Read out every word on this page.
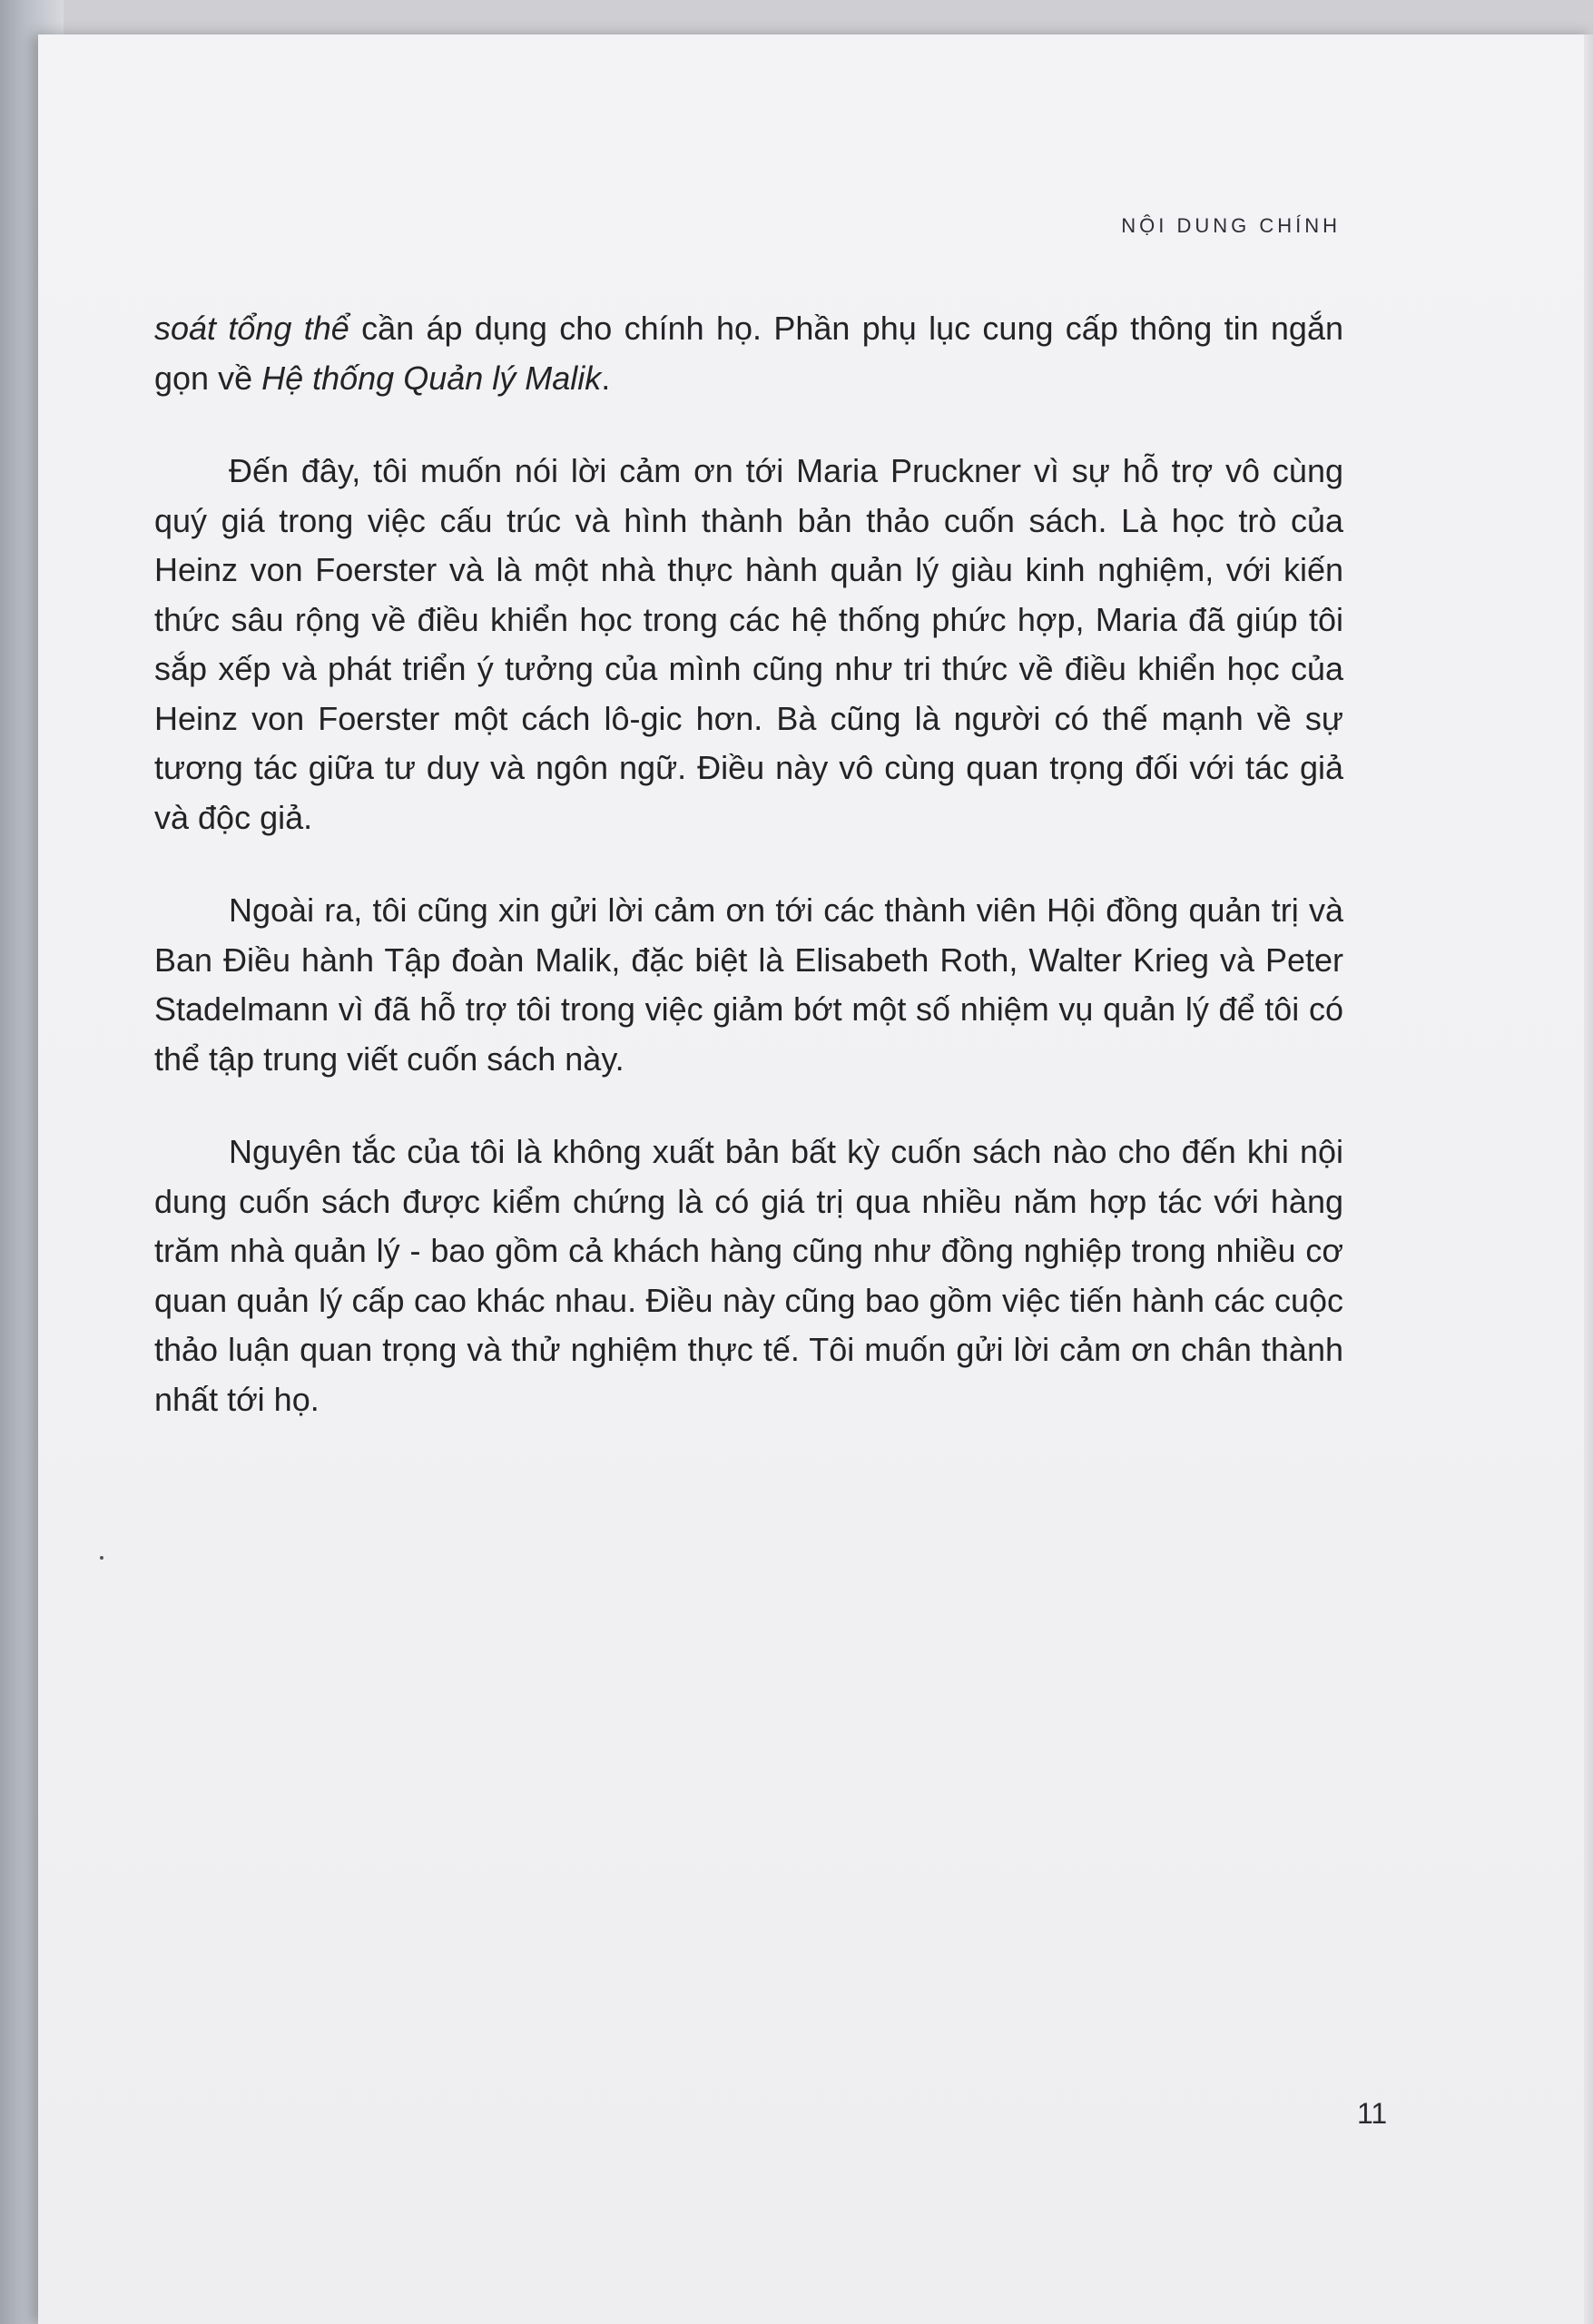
NỘI DUNG CHÍNH

soát tổng thể cần áp dụng cho chính họ. Phần phụ lục cung cấp thông tin ngắn gọn về Hệ thống Quản lý Malik.

Đến đây, tôi muốn nói lời cảm ơn tới Maria Pruckner vì sự hỗ trợ vô cùng quý giá trong việc cấu trúc và hình thành bản thảo cuốn sách. Là học trò của Heinz von Foerster và là một nhà thực hành quản lý giàu kinh nghiệm, với kiến thức sâu rộng về điều khiển học trong các hệ thống phức hợp, Maria đã giúp tôi sắp xếp và phát triển ý tưởng của mình cũng như tri thức về điều khiển học của Heinz von Foerster một cách lô-gic hơn. Bà cũng là người có thế mạnh về sự tương tác giữa tư duy và ngôn ngữ. Điều này vô cùng quan trọng đối với tác giả và độc giả.

Ngoài ra, tôi cũng xin gửi lời cảm ơn tới các thành viên Hội đồng quản trị và Ban Điều hành Tập đoàn Malik, đặc biệt là Elisabeth Roth, Walter Krieg và Peter Stadelmann vì đã hỗ trợ tôi trong việc giảm bớt một số nhiệm vụ quản lý để tôi có thể tập trung viết cuốn sách này.

Nguyên tắc của tôi là không xuất bản bất kỳ cuốn sách nào cho đến khi nội dung cuốn sách được kiểm chứng là có giá trị qua nhiều năm hợp tác với hàng trăm nhà quản lý - bao gồm cả khách hàng cũng như đồng nghiệp trong nhiều cơ quan quản lý cấp cao khác nhau. Điều này cũng bao gồm việc tiến hành các cuộc thảo luận quan trọng và thử nghiệm thực tế. Tôi muốn gửi lời cảm ơn chân thành nhất tới họ.

11
